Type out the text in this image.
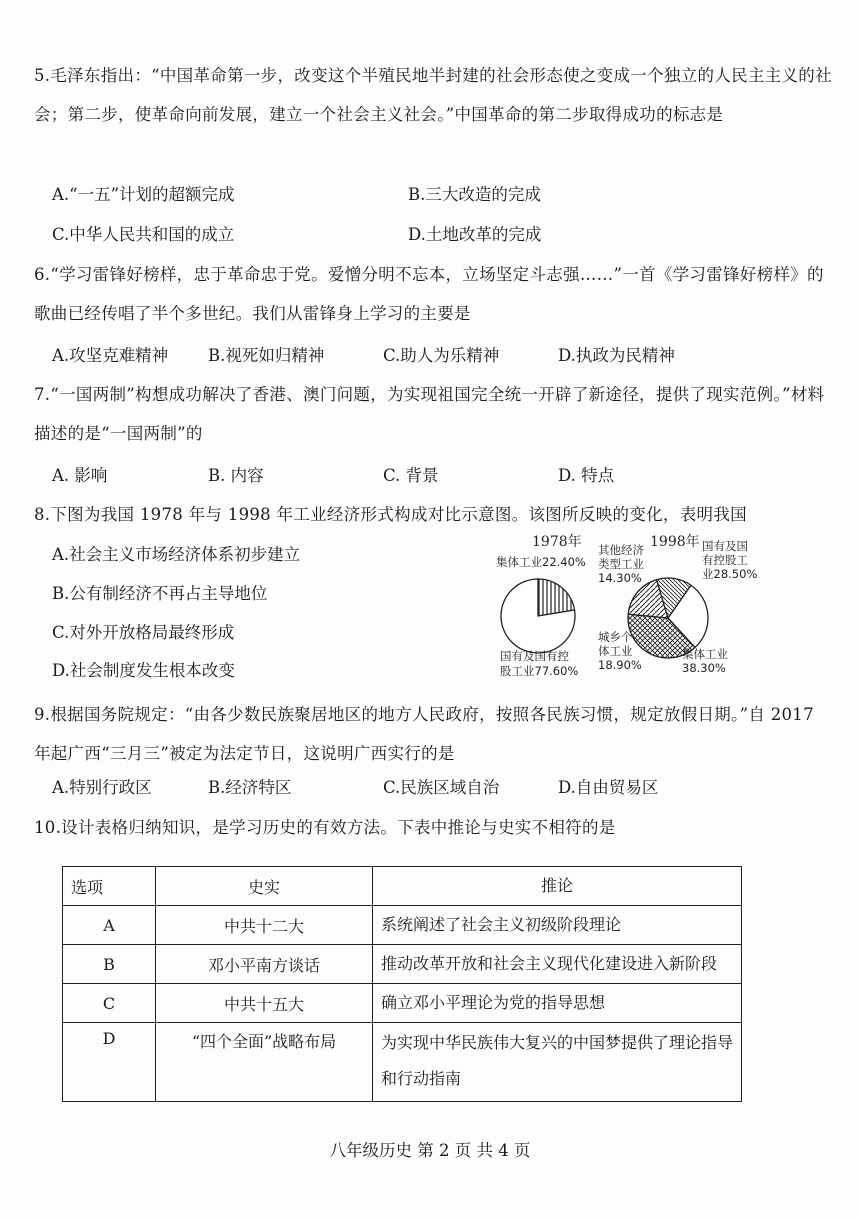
5.毛泽东指出：“中国革命第一步，改变这个半殖民地半封建的社会形态使之变成一个独立的人民主主义的社会；第二步，使革命向前发展，建立一个社会主义社会。”中国革命的第二步取得成功的标志是
A.“一五”计划的超额完成	B.三大改造的完成
C.中华人民共和国的成立	D.土地改革的完成
6.“学习雷锋好榜样，忠于革命忠于党。爱憎分明不忘本，立场坚定斗志强……”一首《学习雷锋好榜样》的歌曲已经传唱了半个多世纪。我们从雷锋身上学习的主要是
A.攻坚克难精神 B.视死如归精神	C.助人为乐精神	D.执政为民精神
7.“一国两制”构想成功解决了香港、澳门问题，为实现祖国完全统一开辟了新途径，提供了现实范例。”材料描述的是“一国两制”的
A. 影响	B. 内容	C. 背景	D. 特点
8.下图为我国 1978 年与 1998 年工业经济形式构成对比示意图。该图所反映的变化，表明我国
A.社会主义市场经济体系初步建立
B.公有制经济不再占主导地位
C.对外开放格局最终形成
D.社会制度发生根本改变
1978年	1998年
集体工业22.40%
国有及国有控
股工业77.60%
其他经济
类型工业
14.30%
国有及国
有控股工
业28.50%
城乡个
体工业
18.90%
集体工业
38.30%
9.根据国务院规定：“由各少数民族聚居地区的地方人民政府，按照各民族习惯，规定放假日期。”自 2017 年起广西“三月三”被定为法定节日，这说明广西实行的是
A.特别行政区	B.经济特区	C.民族区域自治	D.自由贸易区
10.设计表格归纳知识，是学习历史的有效方法。下表中推论与史实不相符的是
选项	史实	推论
A	中共十二大	系统阐述了社会主义初级阶段理论
B	邓小平南方谈话	推动改革开放和社会主义现代化建设进入新阶段
C	中共十五大	确立邓小平理论为党的指导思想
D	“四个全面”战略布局	为实现中华民族伟大复兴的中国梦提供了理论指导和行动指南
八年级历史 第 2 页 共 4 页
